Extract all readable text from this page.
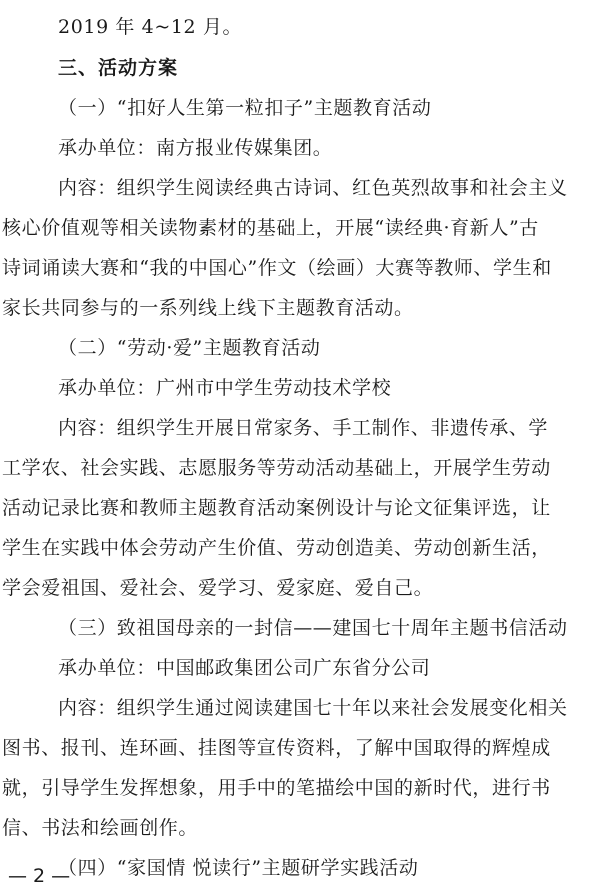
2019 年 4~12 月。
三、活动方案
（一）“扣好人生第一粒扣子”主题教育活动
承办单位：南方报业传媒集团。
内容：组织学生阅读经典古诗词、红色英烈故事和社会主义
核心价值观等相关读物素材的基础上，开展“读经典·育新人”古
诗词诵读大赛和“我的中国心”作文（绘画）大赛等教师、学生和
家长共同参与的一系列线上线下主题教育活动。
（二）“劳动·爱”主题教育活动
承办单位：广州市中学生劳动技术学校
内容：组织学生开展日常家务、手工制作、非遗传承、学
工学农、社会实践、志愿服务等劳动活动基础上，开展学生劳动
活动记录比赛和教师主题教育活动案例设计与论文征集评选，让
学生在实践中体会劳动产生价值、劳动创造美、劳动创新生活，
学会爱祖国、爱社会、爱学习、爱家庭、爱自己。
（三）致祖国母亲的一封信——建国七十周年主题书信活动
承办单位：中国邮政集团公司广东省分公司
内容：组织学生通过阅读建国七十年以来社会发展变化相关
图书、报刊、连环画、挂图等宣传资料，了解中国取得的辉煌成
就，引导学生发挥想象，用手中的笔描绘中国的新时代，进行书
信、书法和绘画创作。
（四）“家国情 悦读行”主题研学实践活动
— 2 —
